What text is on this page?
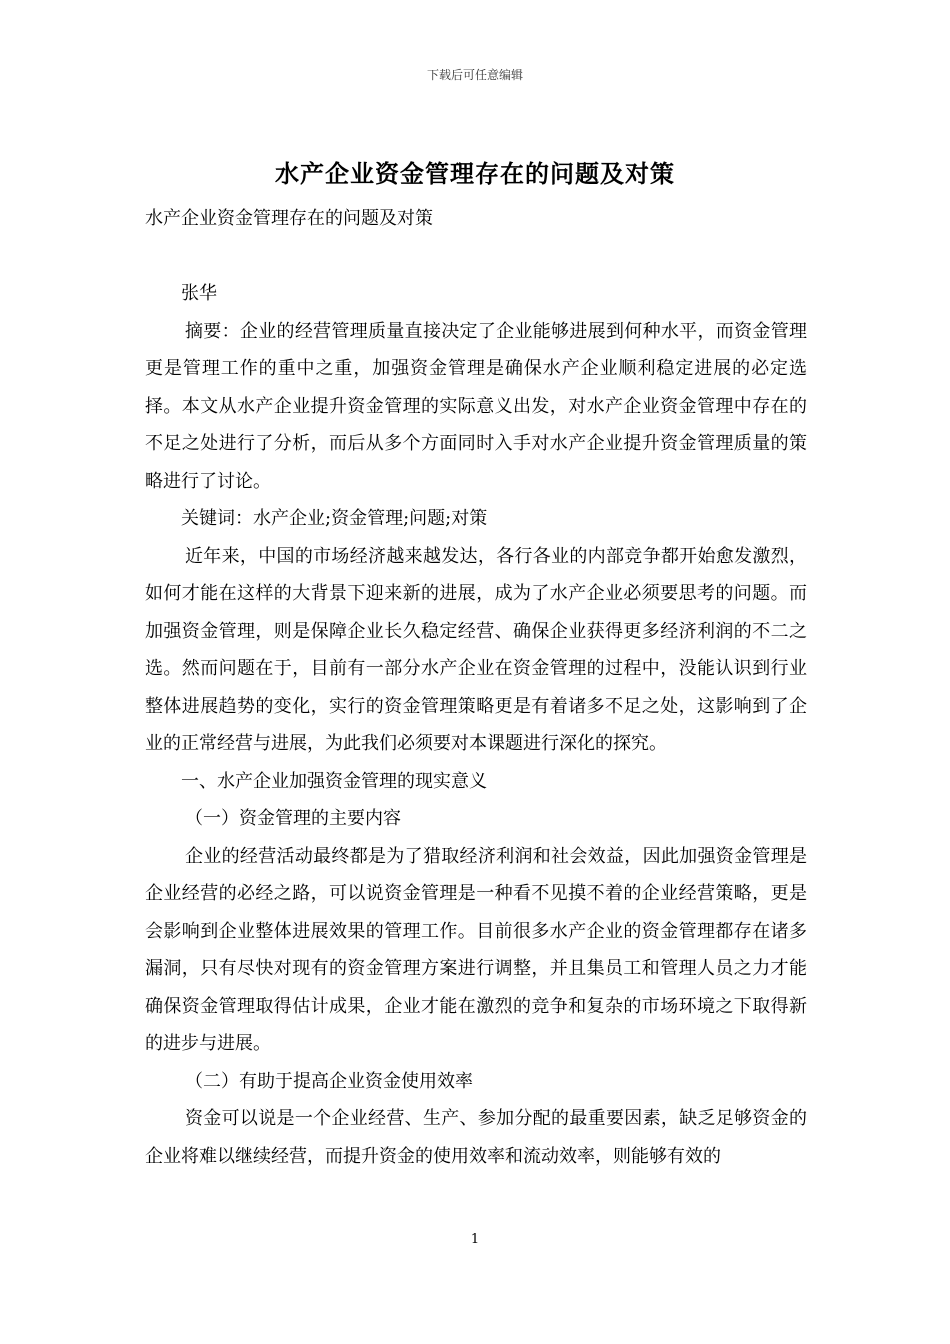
下载后可任意编辑
水产企业资金管理存在的问题及对策

水产企业资金管理存在的问题及对策

张华

摘要：企业的经营管理质量直接决定了企业能够进展到何种水平，而资金管理更是管理工作的重中之重，加强资金管理是确保水产企业顺利稳定进展的必定选择。本文从水产企业提升资金管理的实际意义出发，对水产企业资金管理中存在的不足之处进行了分析，而后从多个方面同时入手对水产企业提升资金管理质量的策略进行了讨论。

关键词：水产企业;资金管理;问题;对策

近年来，中国的市场经济越来越发达，各行各业的内部竞争都开始愈发激烈，如何才能在这样的大背景下迎来新的进展，成为了水产企业必须要思考的问题。而加强资金管理，则是保障企业长久稳定经营、确保企业获得更多经济利润的不二之选。然而问题在于，目前有一部分水产企业在资金管理的过程中，没能认识到行业整体进展趋势的变化，实行的资金管理策略更是有着诸多不足之处，这影响到了企业的正常经营与进展，为此我们必须要对本课题进行深化的探究。

一、水产企业加强资金管理的现实意义

（一）资金管理的主要内容

企业的经营活动最终都是为了猎取经济利润和社会效益，因此加强资金管理是企业经营的必经之路，可以说资金管理是一种看不见摸不着的企业经营策略，更是会影响到企业整体进展效果的管理工作。目前很多水产企业的资金管理都存在诸多漏洞，只有尽快对现有的资金管理方案进行调整，并且集员工和管理人员之力才能确保资金管理取得估计成果，企业才能在激烈的竞争和复杂的市场环境之下取得新的进步与进展。

（二）有助于提高企业资金使用效率

资金可以说是一个企业经营、生产、参加分配的最重要因素，缺乏足够资金的企业将难以继续经营，而提升资金的使用效率和流动效率，则能够有效的

1
